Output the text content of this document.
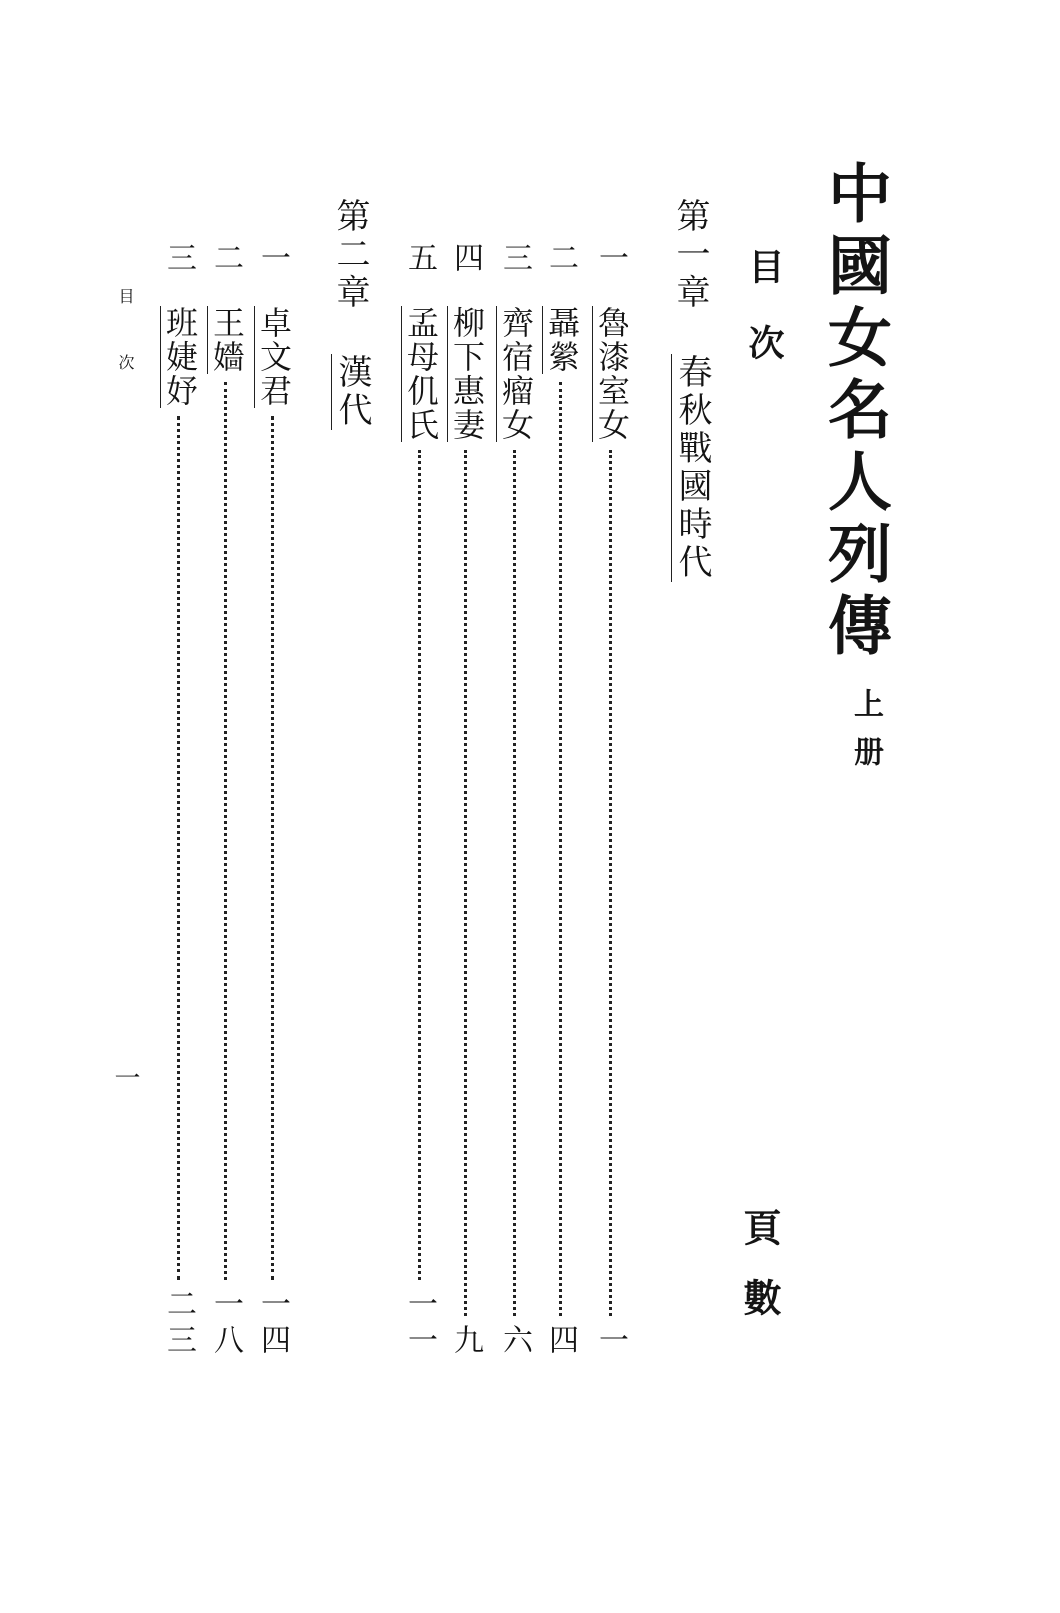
中國女名人列傳
上册
目次
頁數
第一章
春秋戰國時代
一
魯漆室女
一
二
聶縈
四
三
齊宿瘤女
六
四
柳下惠妻
九
五
孟母仉氏
一一
第二章
漢代
一
卓文君
一四
二
王嬙
一八
三
班婕妤
二三
目次
一
